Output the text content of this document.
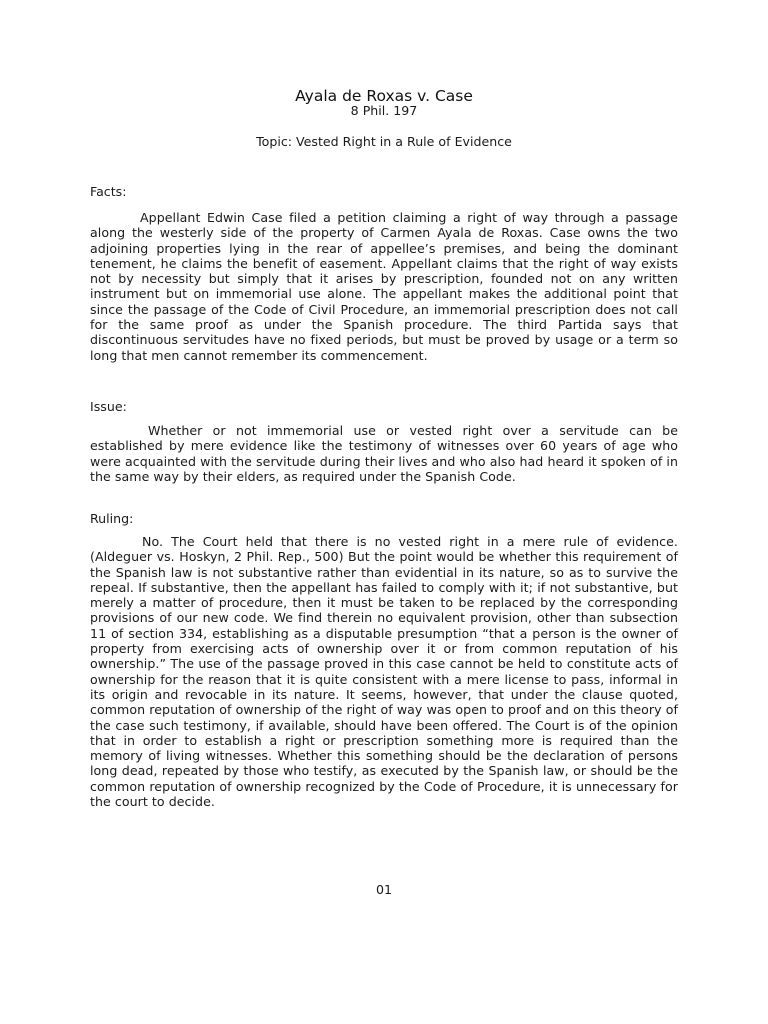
Ayala de Roxas v. Case
8 Phil. 197
Topic: Vested Right in a Rule of Evidence
Facts:
Appellant Edwin Case filed a petition claiming a right of way through a passage along the westerly side of the property of Carmen Ayala de Roxas. Case owns the two adjoining properties lying in the rear of appellee’s premises, and being the dominant tenement, he claims the benefit of easement. Appellant claims that the right of way exists not by necessity but simply that it arises by prescription, founded not on any written instrument but on immemorial use alone. The appellant makes the additional point that since the passage of the Code of Civil Procedure, an immemorial prescription does not call for the same proof as under the Spanish procedure. The third Partida says that discontinuous servitudes have no fixed periods, but must be proved by usage or a term so long that men cannot remember its commencement.
Issue:
Whether or not immemorial use or vested right over a servitude can be established by mere evidence like the testimony of witnesses over 60 years of age who were acquainted with the servitude during their lives and who also had heard it spoken of in the same way by their elders, as required under the Spanish Code.
Ruling:
No. The Court held that there is no vested right in a mere rule of evidence. (Aldeguer vs. Hoskyn, 2 Phil. Rep., 500) But the point would be whether this requirement of the Spanish law is not substantive rather than evidential in its nature, so as to survive the repeal. If substantive, then the appellant has failed to comply with it; if not substantive, but merely a matter of procedure, then it must be taken to be replaced by the corresponding provisions of our new code. We find therein no equivalent provision, other than subsection 11 of section 334, establishing as a disputable presumption “that a person is the owner of property from exercising acts of ownership over it or from common reputation of his ownership.” The use of the passage proved in this case cannot be held to constitute acts of ownership for the reason that it is quite consistent with a mere license to pass, informal in its origin and revocable in its nature. It seems, however, that under the clause quoted, common reputation of ownership of the right of way was open to proof and on this theory of the case such testimony, if available, should have been offered. The Court is of the opinion that in order to establish a right or prescription something more is required than the memory of living witnesses. Whether this something should be the declaration of persons long dead, repeated by those who testify, as executed by the Spanish law, or should be the common reputation of ownership recognized by the Code of Procedure, it is unnecessary for the court to decide.
01
